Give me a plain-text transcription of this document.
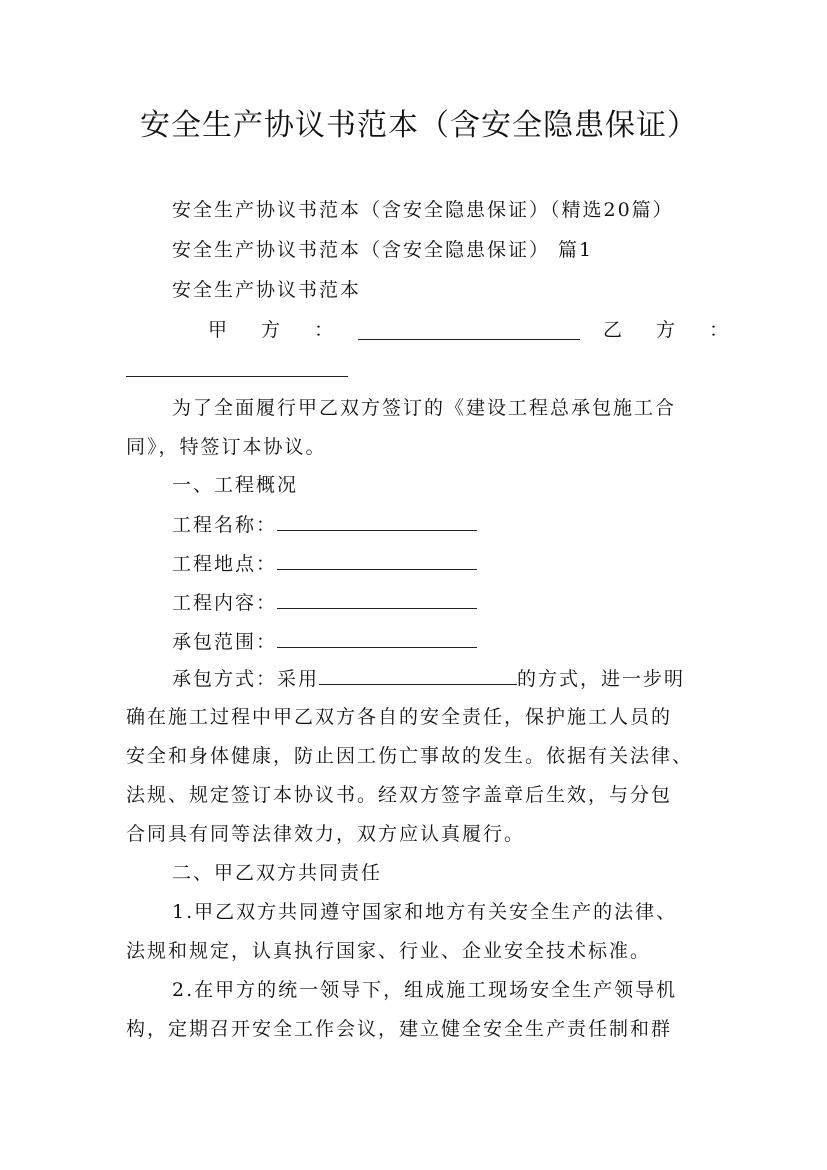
安全生产协议书范本（含安全隐患保证）
安全生产协议书范本（含安全隐患保证）（精选20篇）
安全生产协议书范本（含安全隐患保证） 篇1
安全生产协议书范本
甲 方 ：	乙 方 ：
为了全面履行甲乙双方签订的《建设工程总承包施工合
同》，特签订本协议。
一、工程概况
工程名称：
工程地点：
工程内容：
承包范围：
承包方式：采用	的方式，进一步明
确在施工过程中甲乙双方各自的安全责任，保护施工人员的
安全和身体健康，防止因工伤亡事故的发生。依据有关法律、
法规、规定签订本协议书。经双方签字盖章后生效，与分包
合同具有同等法律效力，双方应认真履行。
二、甲乙双方共同责任
1.甲乙双方共同遵守国家和地方有关安全生产的法律、
法规和规定，认真执行国家、行业、企业安全技术标准。
2.在甲方的统一领导下，组成施工现场安全生产领导机
构，定期召开安全工作会议，建立健全安全生产责任制和群
